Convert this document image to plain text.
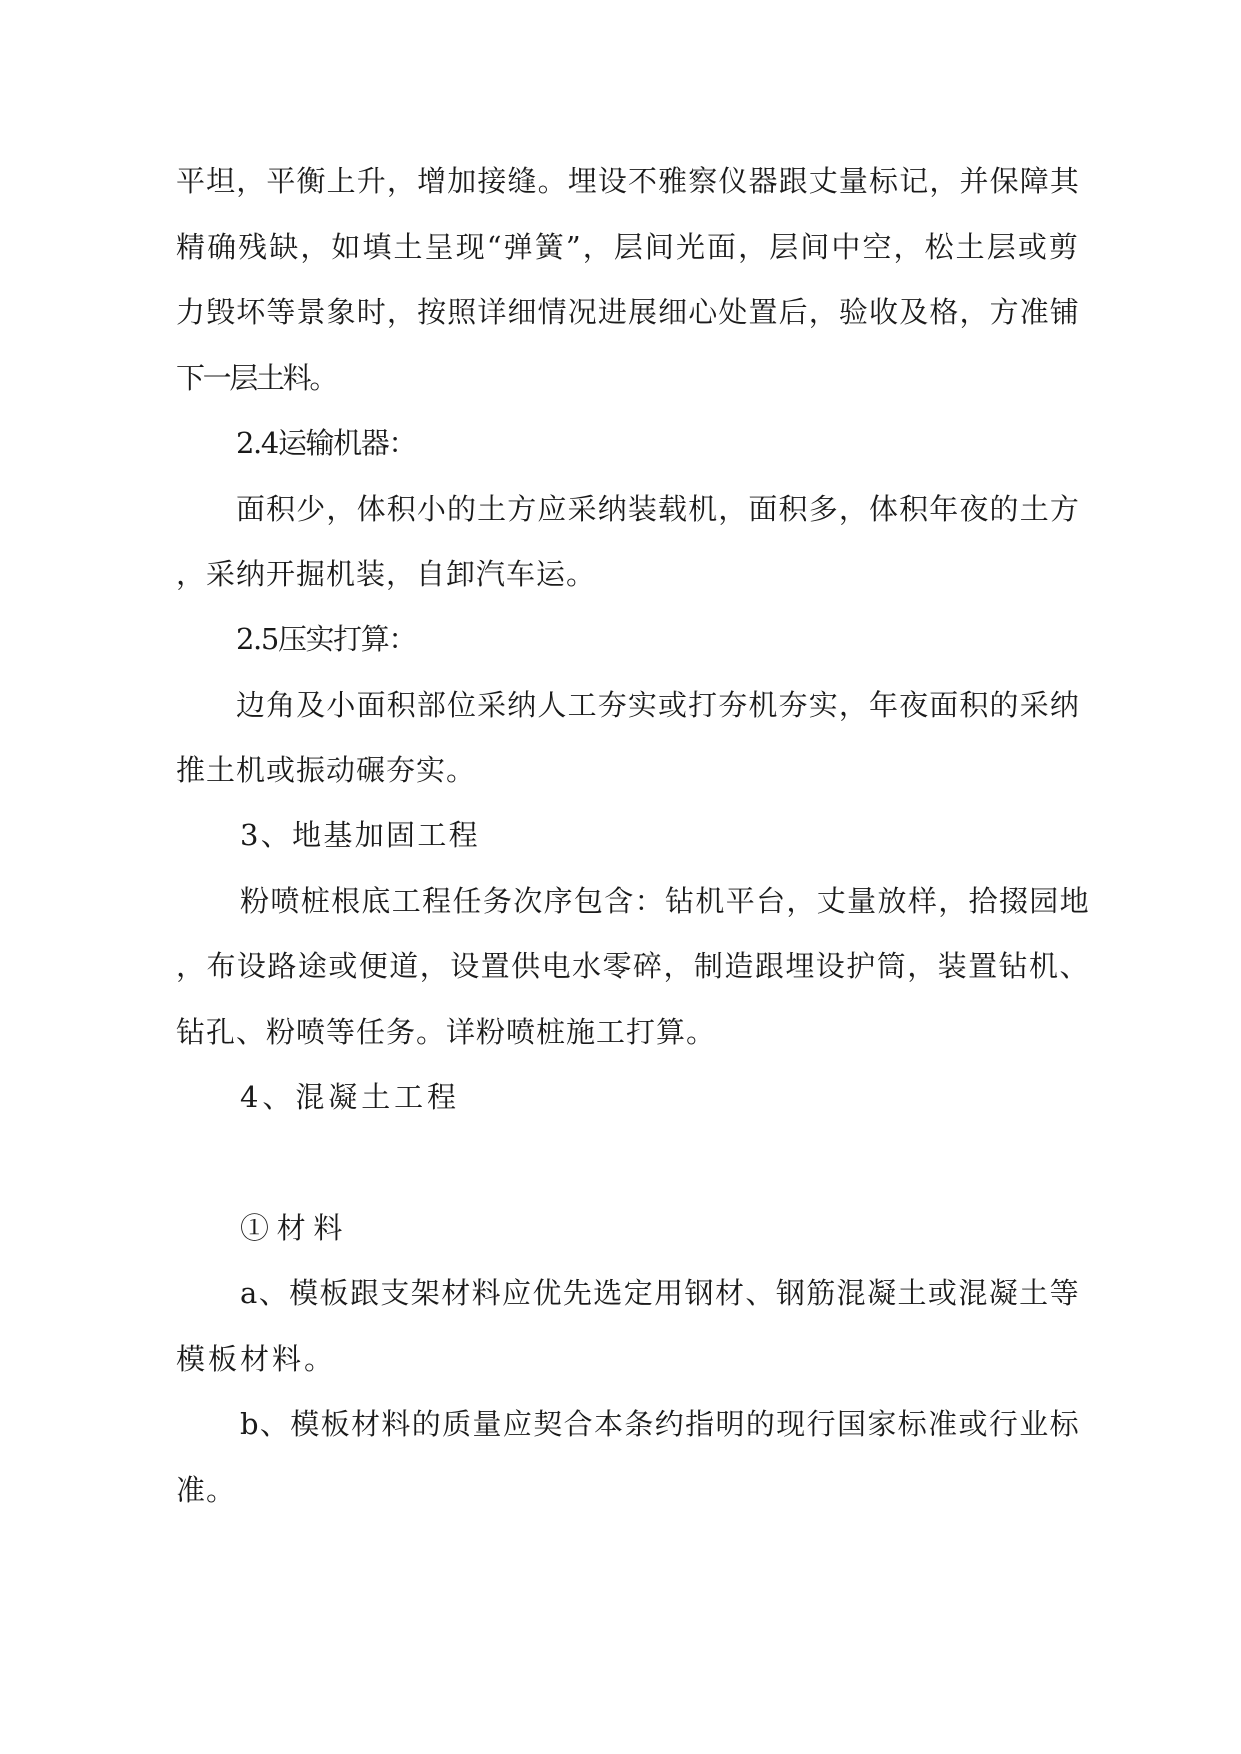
平坦，平衡上升，增加接缝。埋设不雅察仪器跟丈量标记，并保障其
精确残缺，如填土呈现“弹簧”，层间光面，层间中空，松土层或剪
力毁坏等景象时，按照详细情况进展细心处置后，验收及格，方准铺
下一层土料。
2.4运输机器：
面积少，体积小的土方应采纳装载机，面积多，体积年夜的土方
，采纳开掘机装，自卸汽车运。
2.5压实打算：
边角及小面积部位采纳人工夯实或打夯机夯实，年夜面积的采纳
推土机或振动碾夯实。
3、地基加固工程
粉喷桩根底工程任务次序包含：钻机平台，丈量放样，拾掇园地
，布设路途或便道，设置供电水零碎，制造跟埋设护筒，装置钻机、
钻孔、粉喷等任务。详粉喷桩施工打算。
4、混凝土工程
①材料
a、模板跟支架材料应优先选定用钢材、钢筋混凝土或混凝土等
模板材料。
b、模板材料的质量应契合本条约指明的现行国家标准或行业标
准。
